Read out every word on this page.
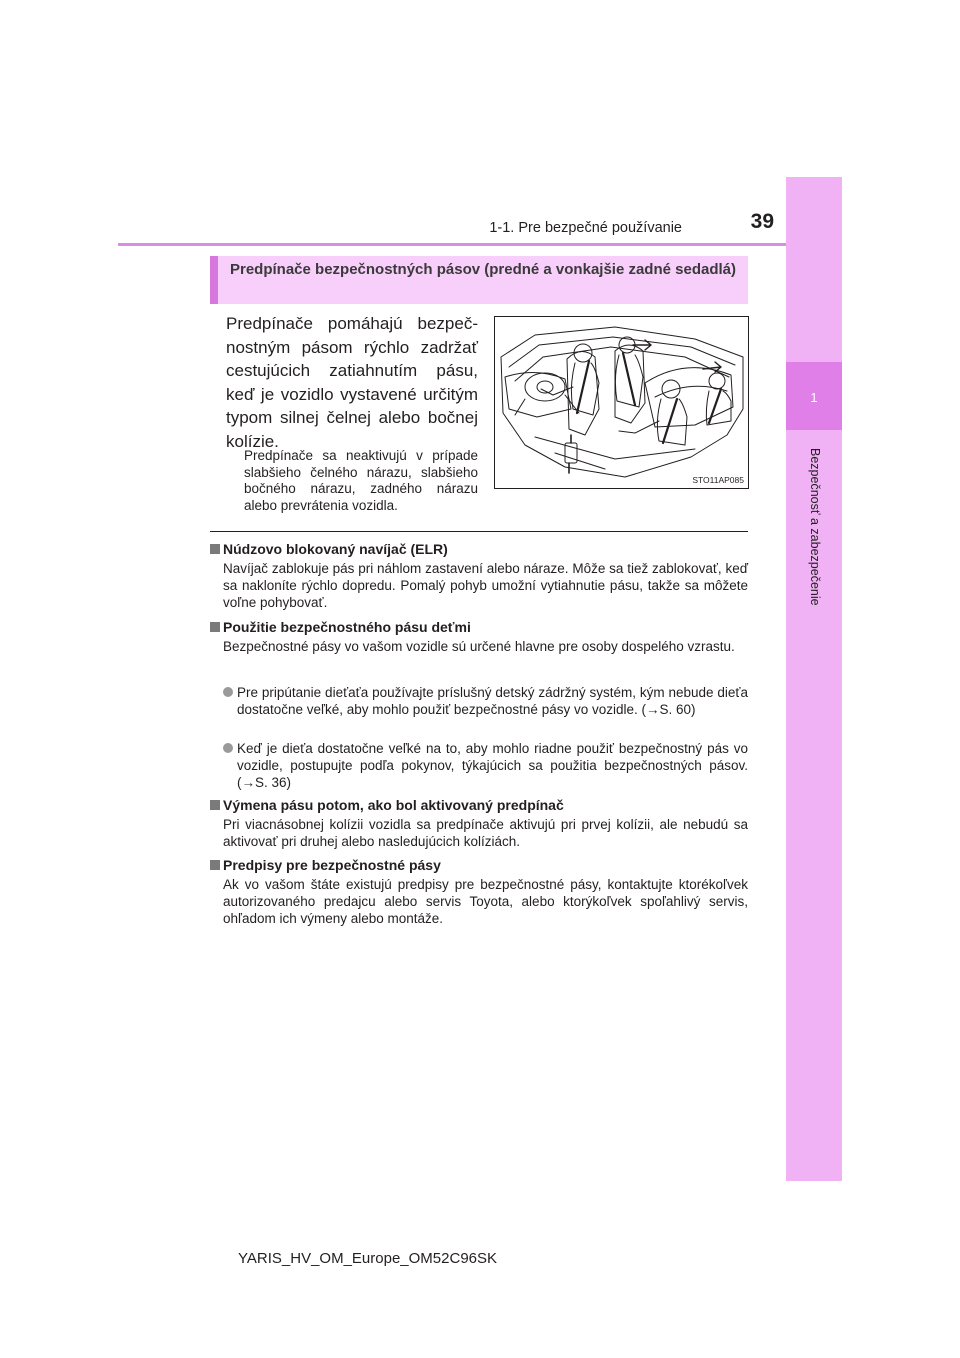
1-1. Pre bezpečné používanie	39
1
Bezpečnosť a zabezpečenie
Predpínače bezpečnostných pásov (predné a vonkajšie zadné sedadlá)
Predpínače pomáhajú bezpečnostným pásom rýchlo zadržať cestujúcich zatiahnutím pásu, keď je vozidlo vystavené určitým typom silnej čelnej alebo bočnej kolízie.
Predpínače sa neaktivujú v prípade slabšieho čelného nárazu, slabšieho bočného nárazu, zadného nárazu alebo prevrátenia vozidla.
STO11AP085
Núdzovo blokovaný navíjač (ELR)
Navíjač zablokuje pás pri náhlom zastavení alebo náraze. Môže sa tiež zablokovať, keď sa nakloníte rýchlo dopredu. Pomalý pohyb umožní vytiahnutie pásu, takže sa môžete voľne pohybovať.
Použitie bezpečnostného pásu deťmi
Bezpečnostné pásy vo vašom vozidle sú určené hlavne pre osoby dospelého vzrastu.
Pre pripútanie dieťaťa používajte príslušný detský zádržný systém, kým nebude dieťa dostatočne veľké, aby mohlo použiť bezpečnostné pásy vo vozidle. (→S. 60)
Keď je dieťa dostatočne veľké na to, aby mohlo riadne použiť bezpečnostný pás vo vozidle, postupujte podľa pokynov, týkajúcich sa použitia bezpečnostných pásov. (→S. 36)
Výmena pásu potom, ako bol aktivovaný predpínač
Pri viacnásobnej kolízii vozidla sa predpínače aktivujú pri prvej kolízii, ale nebudú sa aktivovať pri druhej alebo nasledujúcich kolíziách.
Predpisy pre bezpečnostné pásy
Ak vo vašom štáte existujú predpisy pre bezpečnostné pásy, kontaktujte ktorékoľvek autorizovaného predajcu alebo servis Toyota, alebo ktorýkoľvek spoľahlivý servis, ohľadom ich výmeny alebo montáže.
YARIS_HV_OM_Europe_OM52C96SK
